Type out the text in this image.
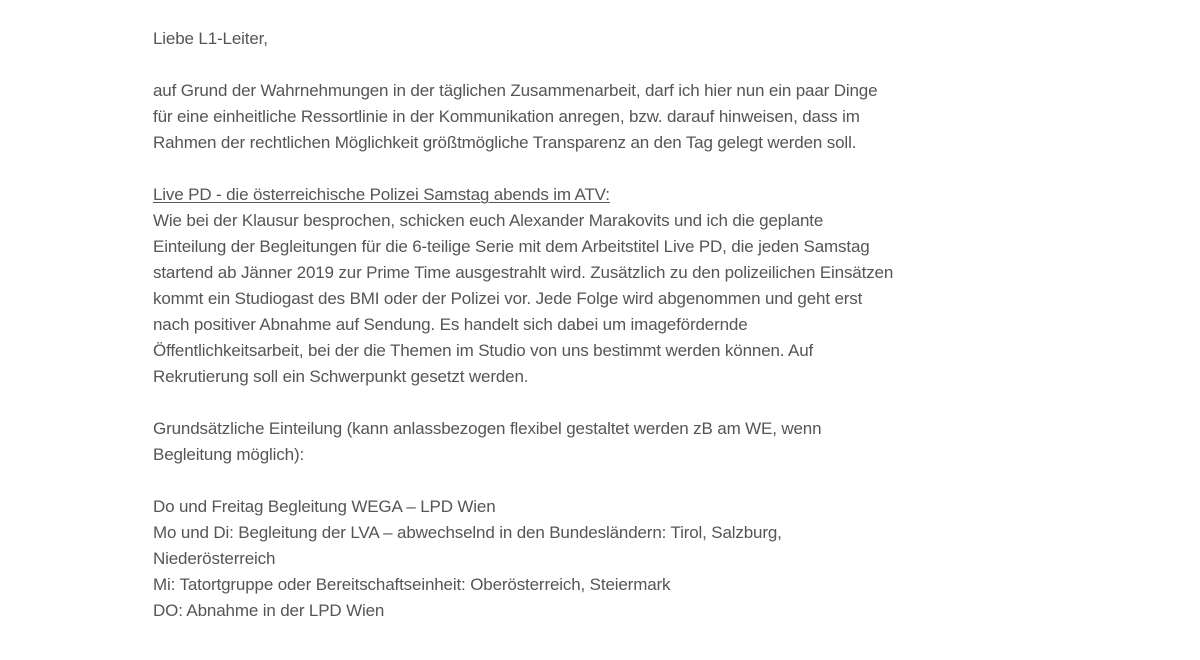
Liebe L1-Leiter,
auf Grund der Wahrnehmungen in der täglichen Zusammenarbeit, darf ich hier nun ein paar Dinge
für eine einheitliche Ressortlinie in der Kommunikation anregen, bzw. darauf hinweisen, dass im
Rahmen der rechtlichen Möglichkeit größtmögliche Transparenz an den Tag gelegt werden soll.
Live PD - die österreichische Polizei Samstag abends im ATV:
Wie bei der Klausur besprochen, schicken euch Alexander Marakovits und ich die geplante
Einteilung der Begleitungen für die 6-teilige Serie mit dem Arbeitstitel Live PD, die jeden Samstag
startend ab Jänner 2019 zur Prime Time ausgestrahlt wird. Zusätzlich zu den polizeilichen Einsätzen
kommt ein Studiogast des BMI oder der Polizei vor. Jede Folge wird abgenommen und geht erst
nach positiver Abnahme auf Sendung. Es handelt sich dabei um imagefördernde
Öffentlichkeitsarbeit, bei der die Themen im Studio von uns bestimmt werden können. Auf
Rekrutierung soll ein Schwerpunkt gesetzt werden.
Grundsätzliche Einteilung (kann anlassbezogen flexibel gestaltet werden zB am WE, wenn
Begleitung möglich):
Do und Freitag Begleitung WEGA – LPD Wien
Mo und Di: Begleitung der LVA – abwechselnd in den Bundesländern: Tirol, Salzburg,
Niederösterreich
Mi: Tatortgruppe oder Bereitschaftseinheit: Oberösterreich, Steiermark
DO: Abnahme in der LPD Wien
